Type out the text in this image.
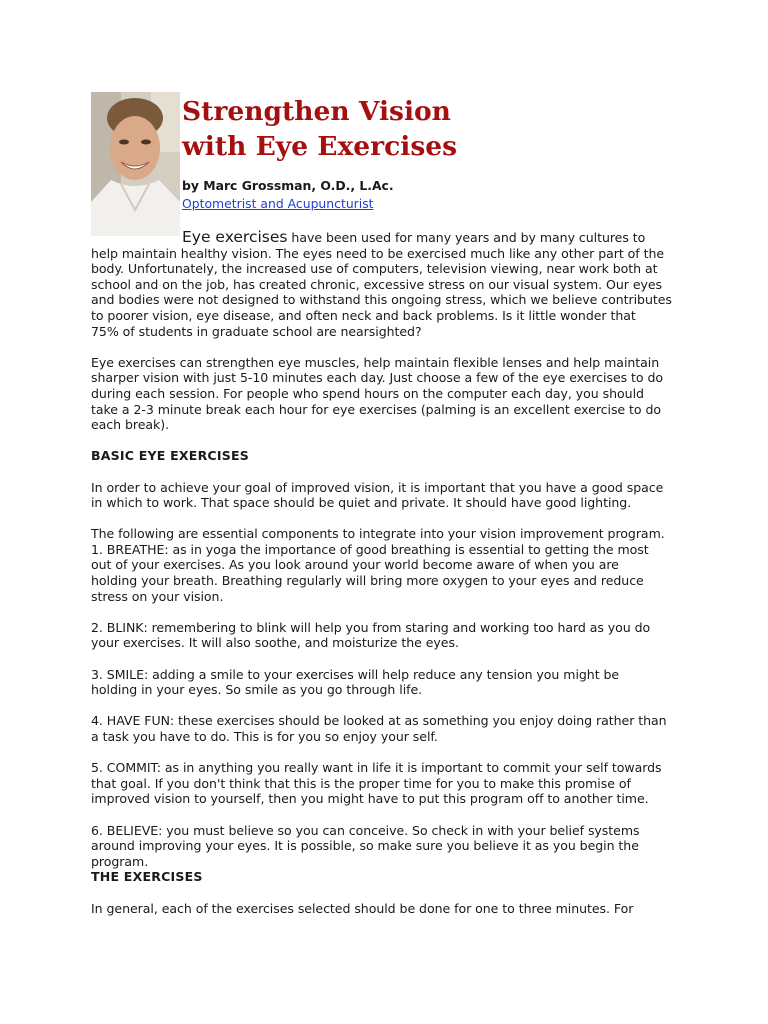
Strengthen Vision
with Eye Exercises
by Marc Grossman, O.D., L.Ac.
Optometrist and Acupuncturist
Eye exercises have been used for many years and by many cultures to
help maintain healthy vision. The eyes need to be exercised much like any other part of the
body. Unfortunately, the increased use of computers, television viewing, near work both at
school and on the job, has created chronic, excessive stress on our visual system. Our eyes
and bodies were not designed to withstand this ongoing stress, which we believe contributes
to poorer vision, eye disease, and often neck and back problems. Is it little wonder that
75% of students in graduate school are nearsighted?
Eye exercises can strengthen eye muscles, help maintain flexible lenses and help maintain
sharper vision with just 5-10 minutes each day. Just choose a few of the eye exercises to do
during each session. For people who spend hours on the computer each day, you should
take a 2-3 minute break each hour for eye exercises (palming is an excellent exercise to do
each break).
BASIC EYE EXERCISES
In order to achieve your goal of improved vision, it is important that you have a good space
in which to work. That space should be quiet and private. It should have good lighting.
The following are essential components to integrate into your vision improvement program.
1. BREATHE: as in yoga the importance of good breathing is essential to getting the most
out of your exercises. As you look around your world become aware of when you are
holding your breath. Breathing regularly will bring more oxygen to your eyes and reduce
stress on your vision.
2. BLINK: remembering to blink will help you from staring and working too hard as you do
your exercises. It will also soothe, and moisturize the eyes.
3. SMILE: adding a smile to your exercises will help reduce any tension you might be
holding in your eyes. So smile as you go through life.
4. HAVE FUN: these exercises should be looked at as something you enjoy doing rather than
a task you have to do. This is for you so enjoy your self.
5. COMMIT: as in anything you really want in life it is important to commit your self towards
that goal. If you don't think that this is the proper time for you to make this promise of
improved vision to yourself, then you might have to put this program off to another time.
6. BELIEVE: you must believe so you can conceive. So check in with your belief systems
around improving your eyes. It is possible, so make sure you believe it as you begin the
program.
THE EXERCISES
In general, each of the exercises selected should be done for one to three minutes. For
